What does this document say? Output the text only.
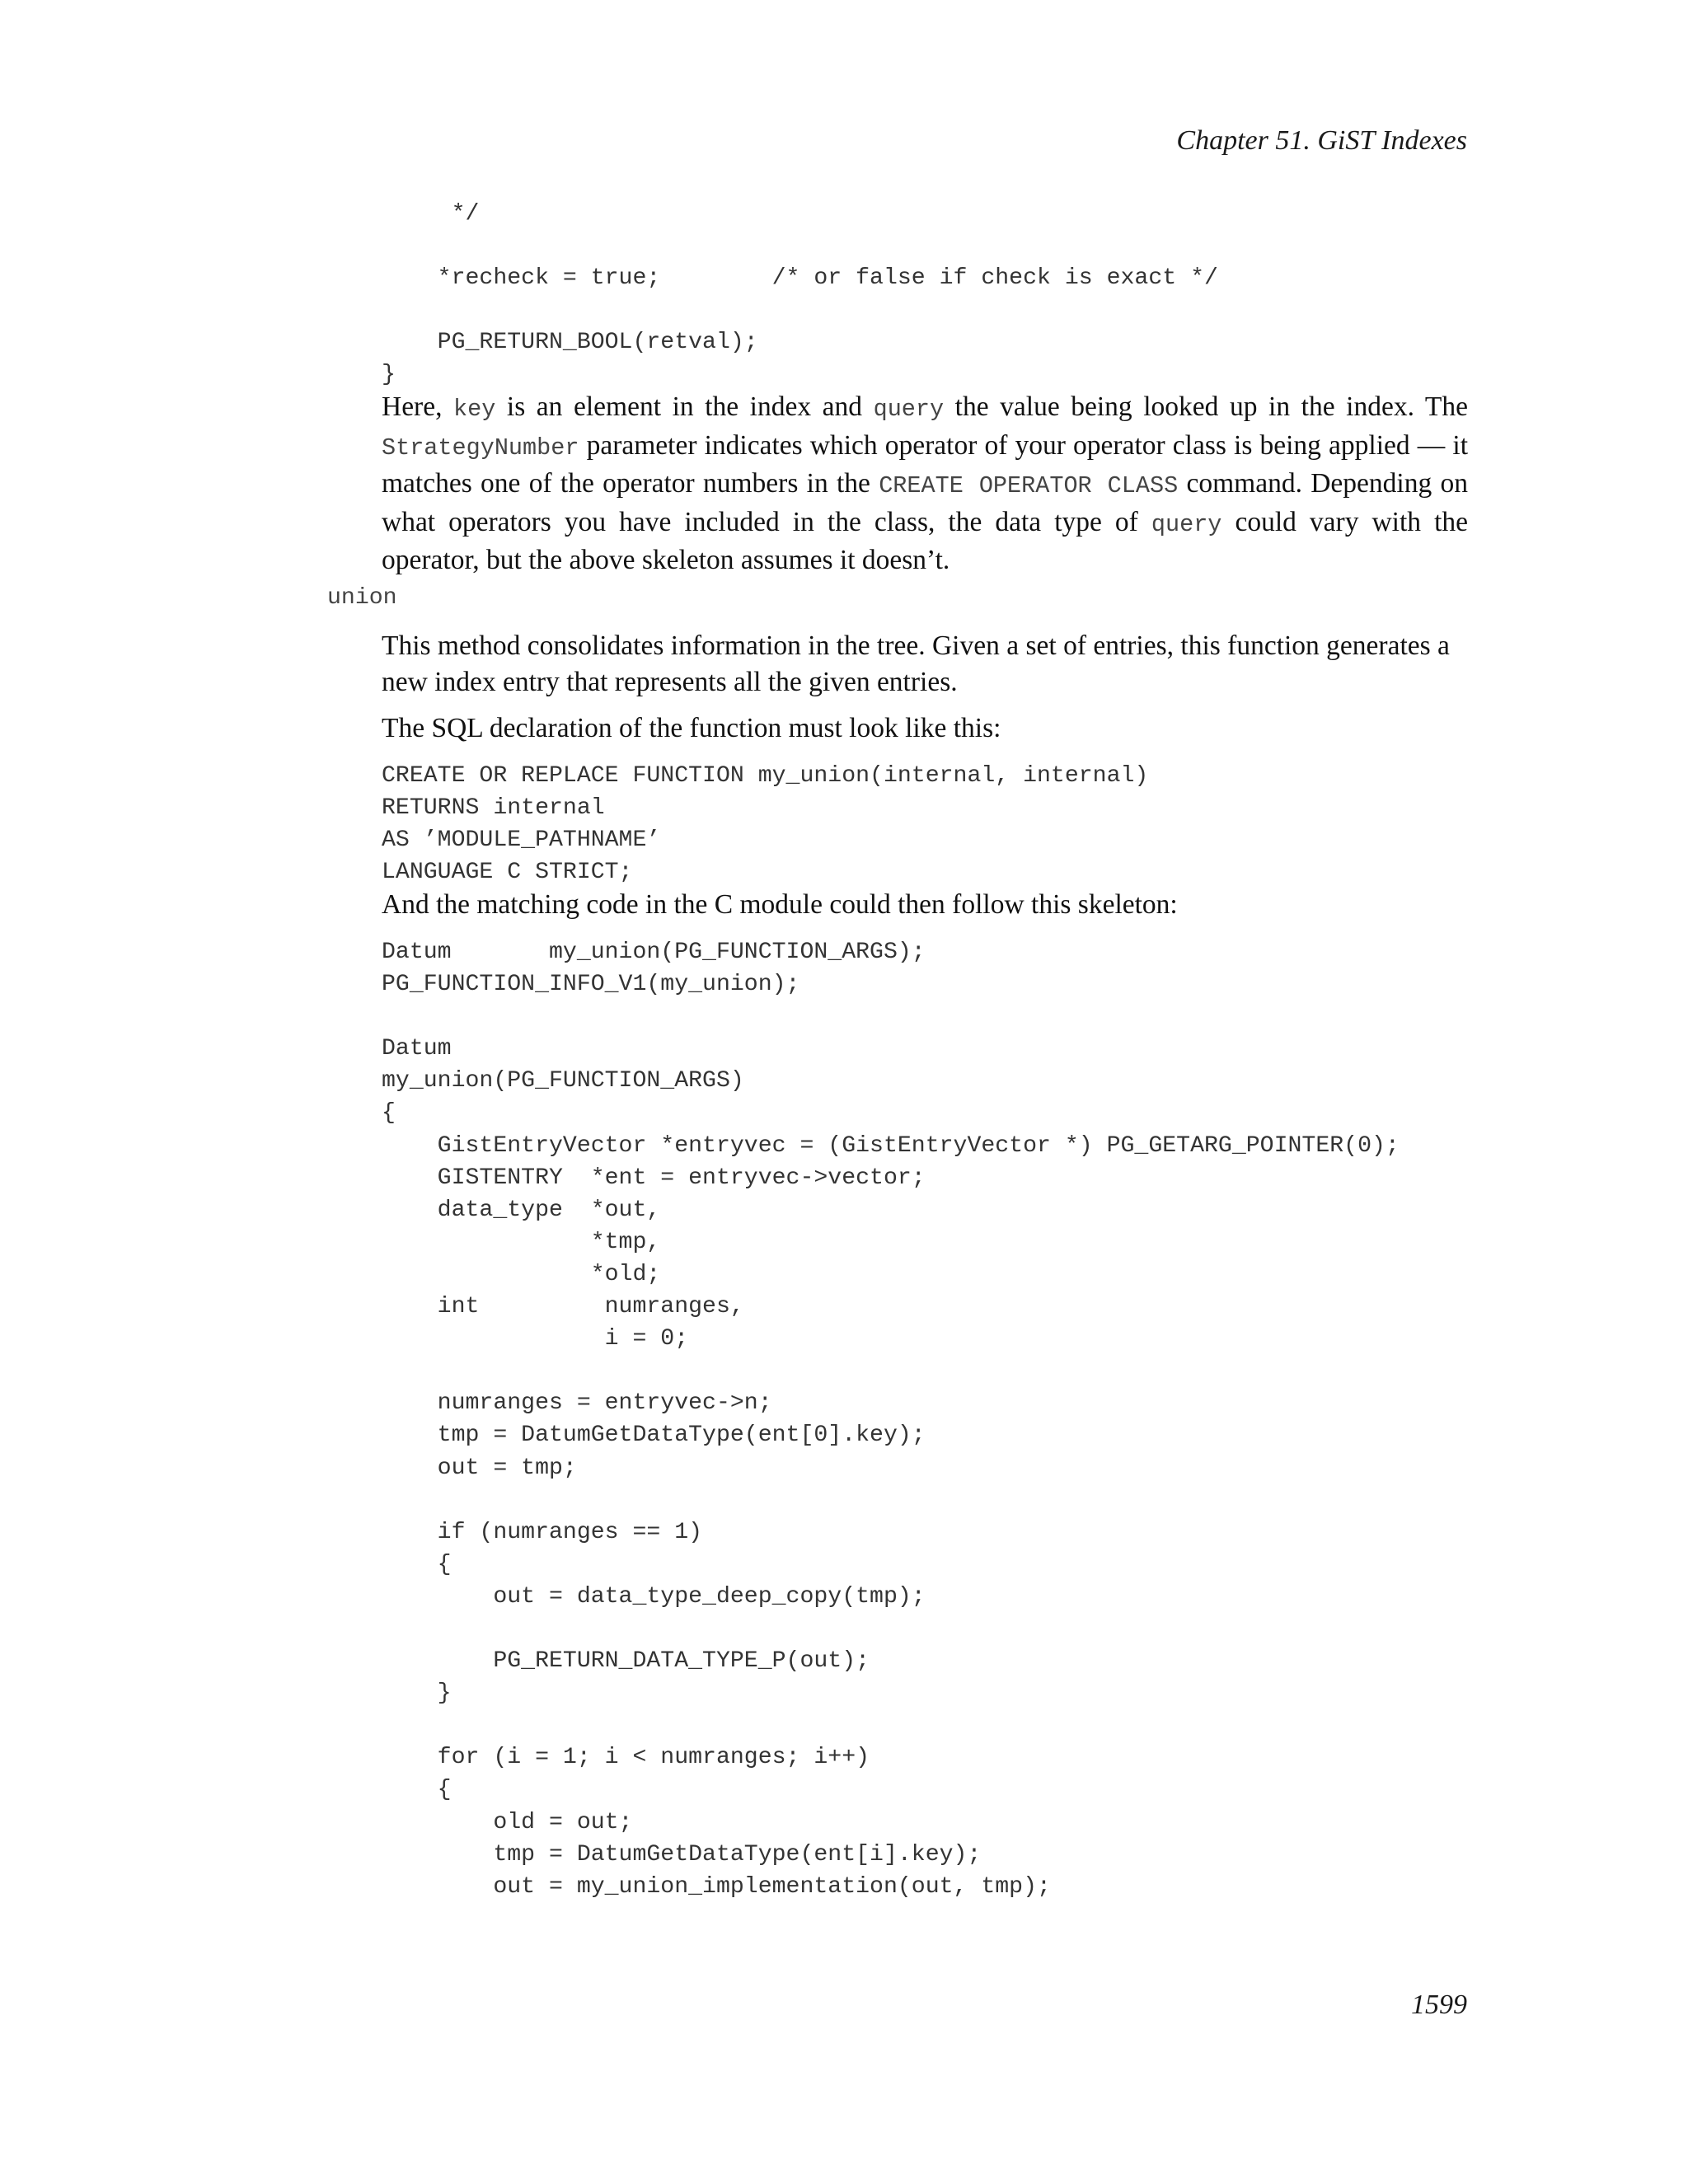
Chapter 51. GiST Indexes
*/

*recheck = true;        /* or false if check is exact */

PG_RETURN_BOOL(retval);
}

Here, key is an element in the index and query the value being looked up in the index. The StrategyNumber parameter indicates which operator of your operator class is being applied — it matches one of the operator numbers in the CREATE OPERATOR CLASS command. Depending on what operators you have included in the class, the data type of query could vary with the operator, but the above skeleton assumes it doesn’t.

union

This method consolidates information in the tree. Given a set of entries, this function generates a new index entry that represents all the given entries.

The SQL declaration of the function must look like this:

CREATE OR REPLACE FUNCTION my_union(internal, internal)
RETURNS internal
AS ’MODULE_PATHNAME’
LANGUAGE C STRICT;

And the matching code in the C module could then follow this skeleton:

Datum       my_union(PG_FUNCTION_ARGS);
PG_FUNCTION_INFO_V1(my_union);

Datum
my_union(PG_FUNCTION_ARGS)
{
GistEntryVector *entryvec = (GistEntryVector *) PG_GETARG_POINTER(0);
GISTENTRY  *ent = entryvec->vector;
data_type  *out,
*tmp,
*old;
int         numranges,
i = 0;

numranges = entryvec->n;
tmp = DatumGetDataType(ent[0].key);
out = tmp;

if (numranges == 1)
{
out = data_type_deep_copy(tmp);

PG_RETURN_DATA_TYPE_P(out);
}

for (i = 1; i < numranges; i++)
{
old = out;
tmp = DatumGetDataType(ent[i].key);
out = my_union_implementation(out, tmp);
1599
